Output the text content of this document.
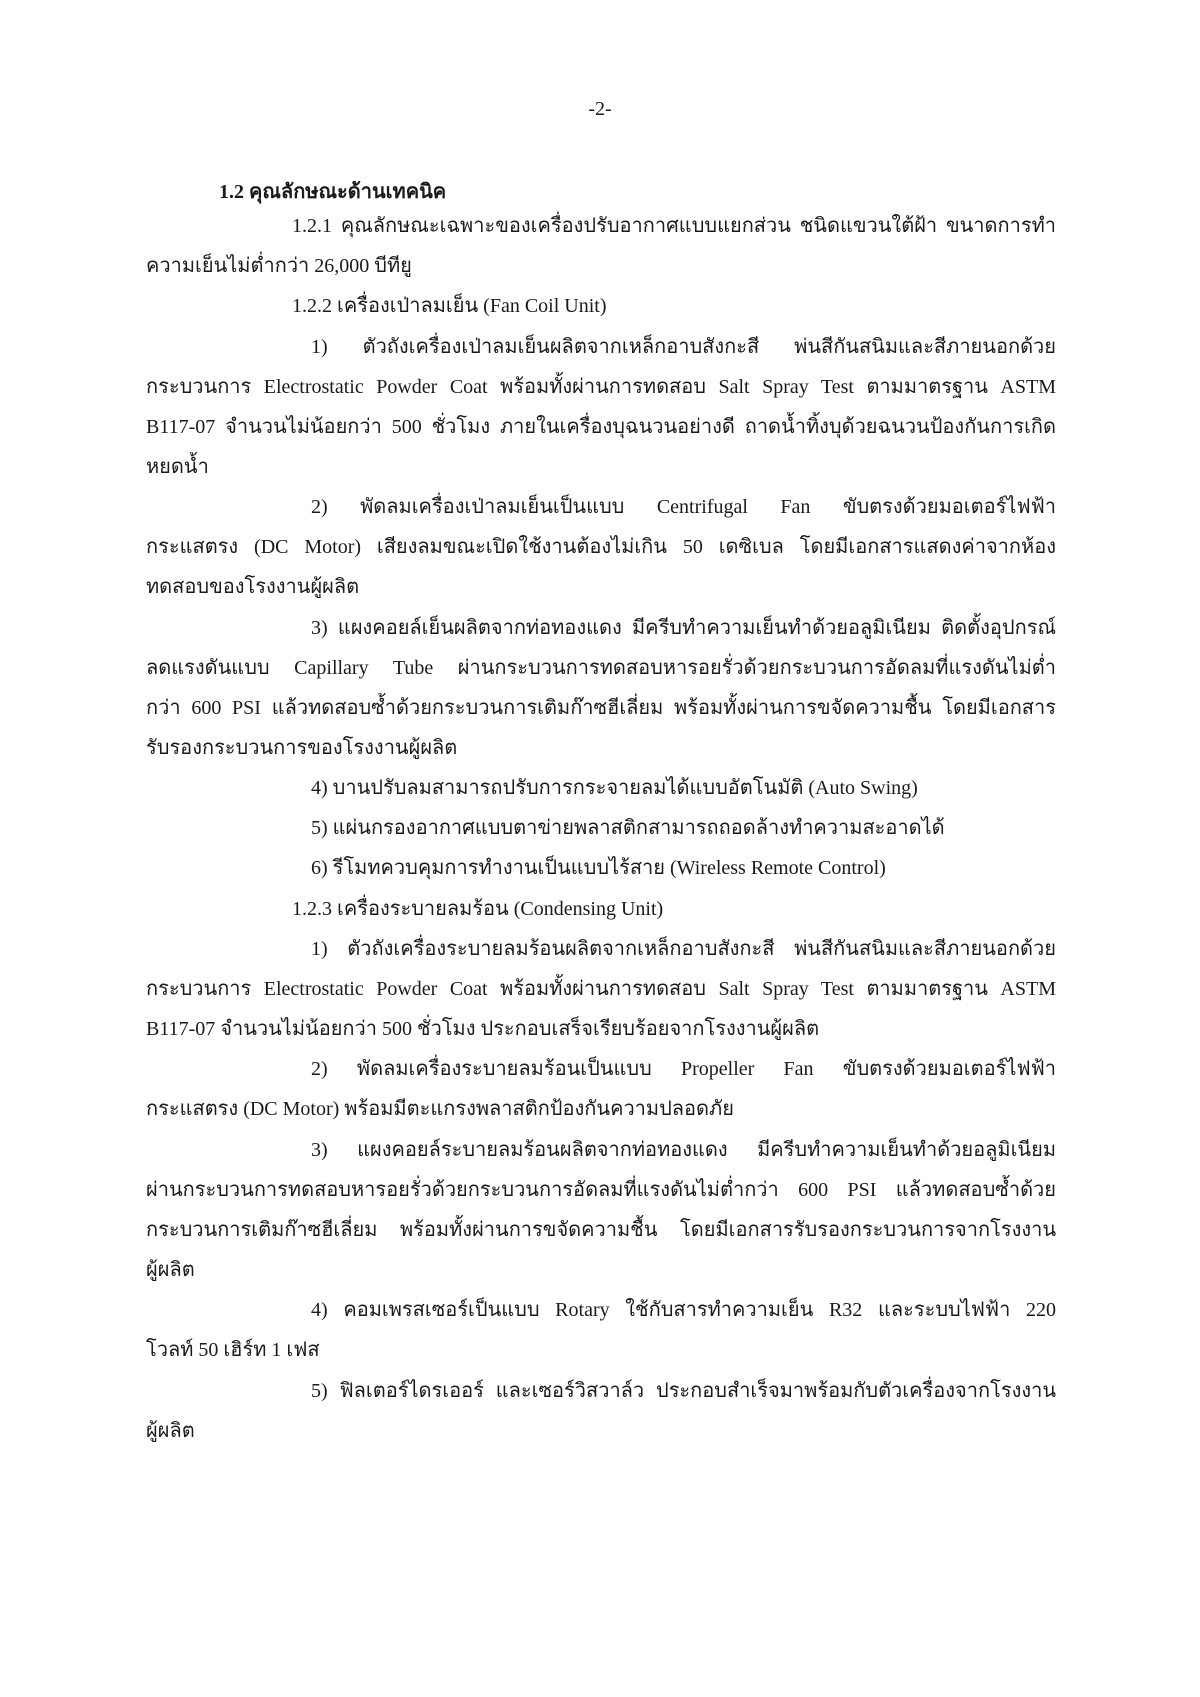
-2-
1.2 คุณลักษณะด้านเทคนิค
1.2.1 คุณลักษณะเฉพาะของเครื่องปรับอากาศแบบแยกส่วน ชนิดแขวนใต้ฝ้า ขนาดการทำ
ความเย็นไม่ต่ำกว่า 26,000 บีทียู
1.2.2 เครื่องเป่าลมเย็น (Fan Coil Unit)
1) ตัวถังเครื่องเป่าลมเย็นผลิตจากเหล็กอาบสังกะสี พ่นสีกันสนิมและสีภายนอกด้วย
กระบวนการ Electrostatic Powder Coat พร้อมทั้งผ่านการทดสอบ Salt Spray Test ตามมาตรฐาน ASTM
B117-07 จำนวนไม่น้อยกว่า 500 ชั่วโมง ภายในเครื่องบุฉนวนอย่างดี ถาดน้ำทิ้งบุด้วยฉนวนป้องกันการเกิด
หยดน้ำ
2) พัดลมเครื่องเป่าลมเย็นเป็นแบบ Centrifugal Fan ขับตรงด้วยมอเตอร์ไฟฟ้า
กระแสตรง (DC Motor) เสียงลมขณะเปิดใช้งานต้องไม่เกิน 50 เดซิเบล โดยมีเอกสารแสดงค่าจากห้อง
ทดสอบของโรงงานผู้ผลิต
3) แผงคอยล์เย็นผลิตจากท่อทองแดง มีครีบทำความเย็นทำด้วยอลูมิเนียม ติดตั้งอุปกรณ์
ลดแรงดันแบบ Capillary Tube ผ่านกระบวนการทดสอบหารอยรั่วด้วยกระบวนการอัดลมที่แรงดันไม่ต่ำ
กว่า 600 PSI แล้วทดสอบซ้ำด้วยกระบวนการเติมก๊าซฮีเลี่ยม พร้อมทั้งผ่านการขจัดความชื้น โดยมีเอกสาร
รับรองกระบวนการของโรงงานผู้ผลิต
4) บานปรับลมสามารถปรับการกระจายลมได้แบบอัตโนมัติ (Auto Swing)
5) แผ่นกรองอากาศแบบตาข่ายพลาสติกสามารถถอดล้างทำความสะอาดได้
6) รีโมทควบคุมการทำงานเป็นแบบไร้สาย (Wireless Remote Control)
1.2.3 เครื่องระบายลมร้อน (Condensing Unit)
1) ตัวถังเครื่องระบายลมร้อนผลิตจากเหล็กอาบสังกะสี พ่นสีกันสนิมและสีภายนอกด้วย
กระบวนการ Electrostatic Powder Coat พร้อมทั้งผ่านการทดสอบ Salt Spray Test ตามมาตรฐาน ASTM
B117-07 จำนวนไม่น้อยกว่า 500 ชั่วโมง ประกอบเสร็จเรียบร้อยจากโรงงานผู้ผลิต
2) พัดลมเครื่องระบายลมร้อนเป็นแบบ Propeller Fan ขับตรงด้วยมอเตอร์ไฟฟ้า
กระแสตรง (DC Motor) พร้อมมีตะแกรงพลาสติกป้องกันความปลอดภัย
3) แผงคอยล์ระบายลมร้อนผลิตจากท่อทองแดง มีครีบทำความเย็นทำด้วยอลูมิเนียม
ผ่านกระบวนการทดสอบหารอยรั่วด้วยกระบวนการอัดลมที่แรงดันไม่ต่ำกว่า 600 PSI แล้วทดสอบซ้ำด้วย
กระบวนการเติมก๊าซฮีเลี่ยม พร้อมทั้งผ่านการขจัดความชื้น โดยมีเอกสารรับรองกระบวนการจากโรงงาน
ผู้ผลิต
4) คอมเพรสเซอร์เป็นแบบ Rotary ใช้กับสารทำความเย็น R32 และระบบไฟฟ้า 220
โวลท์ 50 เฮิร์ท 1 เฟส
5) ฟิลเตอร์ไดรเออร์ และเซอร์วิสวาล์ว ประกอบสำเร็จมาพร้อมกับตัวเครื่องจากโรงงาน
ผู้ผลิต
